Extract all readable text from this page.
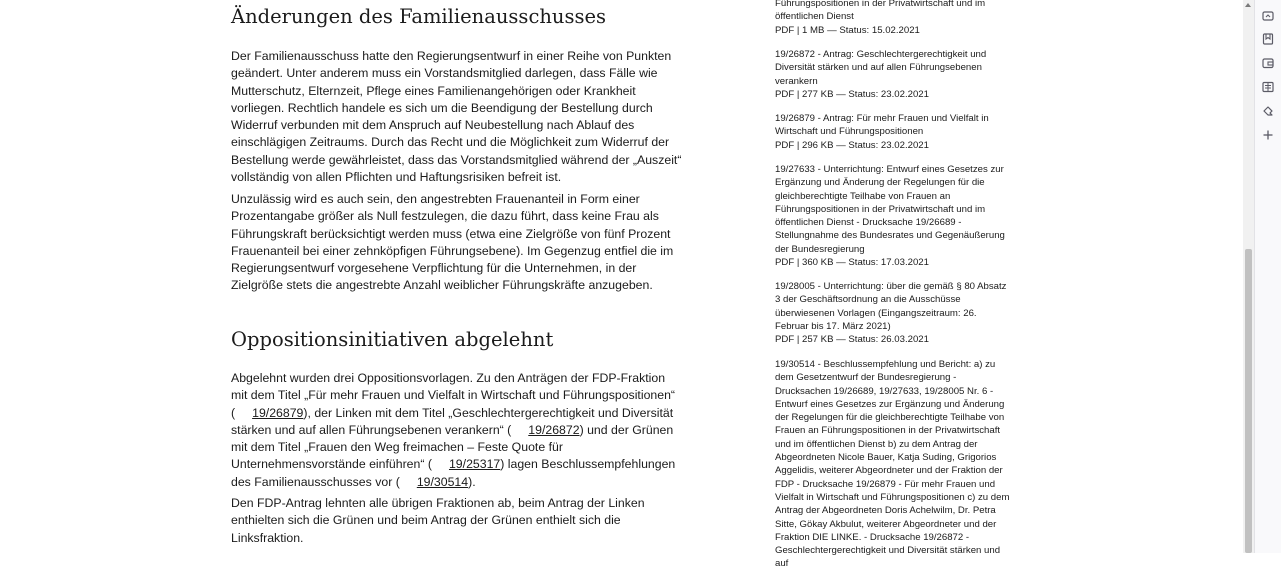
Änderungen des Familienausschusses

Der Familienausschuss hatte den Regierungsentwurf in einer Reihe von Punkten geändert. Unter anderem muss ein Vorstandsmitglied darlegen, dass Fälle wie Mutterschutz, Elternzeit, Pflege eines Familienangehörigen oder Krankheit vorliegen. Rechtlich handele es sich um die Beendigung der Bestellung durch Widerruf verbunden mit dem Anspruch auf Neubestellung nach Ablauf des einschlägigen Zeitraums. Durch das Recht und die Möglichkeit zum Widerruf der Bestellung werde gewährleistet, dass das Vorstandsmitglied während der „Auszeit“ vollständig von allen Pflichten und Haftungsrisiken befreit ist.

Unzulässig wird es auch sein, den angestrebten Frauenanteil in Form einer Prozentangabe größer als Null festzulegen, die dazu führt, dass keine Frau als Führungskraft berücksichtigt werden muss (etwa eine Zielgröße von fünf Prozent Frauenanteil bei einer zehnköpfigen Führungsebene). Im Gegenzug entfiel die im Regierungsentwurf vorgesehene Verpflichtung für die Unternehmen, in der Zielgröße stets die angestrebte Anzahl weiblicher Führungskräfte anzugeben.

Oppositionsinitiativen abgelehnt

Abgelehnt wurden drei Oppositionsvorlagen. Zu den Anträgen der FDP-Fraktion mit dem Titel „Für mehr Frauen und Vielfalt in Wirtschaft und Führungspositionen“ ( 19/26879), der Linken mit dem Titel „Geschlechtergerechtigkeit und Diversität stärken und auf allen Führungsebenen verankern“ ( 19/26872) und der Grünen mit dem Titel „Frauen den Weg freimachen – Feste Quote für Unternehmensvorstände einführen“ ( 19/25317) lagen Beschlussempfehlungen des Familienausschusses vor ( 19/30514).

Den FDP-Antrag lehnten alle übrigen Fraktionen ab, beim Antrag der Linken enthielten sich die Grünen und beim Antrag der Grünen enthielt sich die Linksfraktion.

Führungspositionen in der Privatwirtschaft und im öffentlichen Dienst
PDF | 1 MB — Status: 15.02.2021
19/26872 - Antrag: Geschlechtergerechtigkeit und Diversität stärken und auf allen Führungsebenen verankern
PDF | 277 KB — Status: 23.02.2021
19/26879 - Antrag: Für mehr Frauen und Vielfalt in Wirtschaft und Führungspositionen
PDF | 296 KB — Status: 23.02.2021
19/27633 - Unterrichtung: Entwurf eines Gesetzes zur Ergänzung und Änderung der Regelungen für die gleichberechtigte Teilhabe von Frauen an Führungspositionen in der Privatwirtschaft und im öffentlichen Dienst - Drucksache 19/26689 - Stellungnahme des Bundesrates und Gegenäußerung der Bundesregierung
PDF | 360 KB — Status: 17.03.2021
19/28005 - Unterrichtung: über die gemäß § 80 Absatz 3 der Geschäftsordnung an die Ausschüsse überwiesenen Vorlagen (Eingangszeitraum: 26. Februar bis 17. März 2021)
PDF | 257 KB — Status: 26.03.2021
19/30514 - Beschlussempfehlung und Bericht: a) zu dem Gesetzentwurf der Bundesregierung - Drucksachen 19/26689, 19/27633, 19/28005 Nr. 6 - Entwurf eines Gesetzes zur Ergänzung und Änderung der Regelungen für die gleichberechtigte Teilhabe von Frauen an Führungspositionen in der Privatwirtschaft und im öffentlichen Dienst b) zu dem Antrag der Abgeordneten Nicole Bauer, Katja Suding, Grigorios Aggelidis, weiterer Abgeordneter und der Fraktion der FDP - Drucksache 19/26879 - Für mehr Frauen und Vielfalt in Wirtschaft und Führungspositionen c) zu dem Antrag der Abgeordneten Doris Achelwilm, Dr. Petra Sitte, Gökay Akbulut, weiterer Abgeordneter und der Fraktion DIE LINKE. - Drucksache 19/26872 - Geschlechtergerechtigkeit und Diversität stärken und auf
